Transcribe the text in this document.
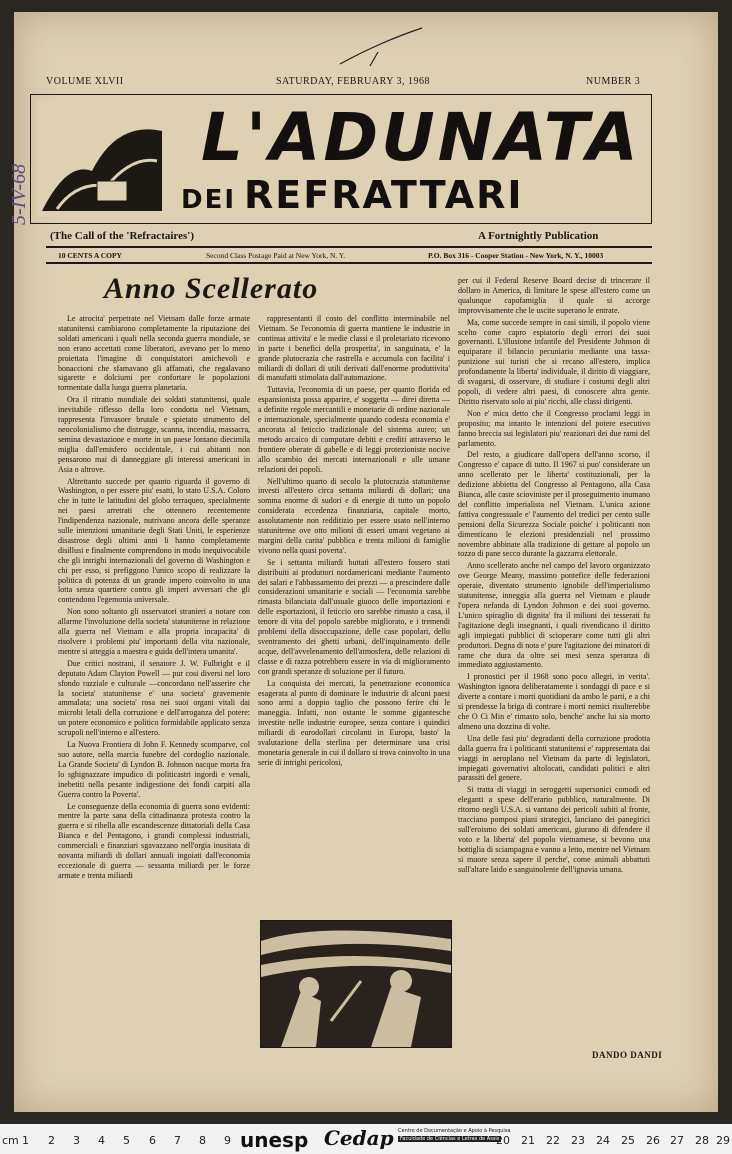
5-IV-68
VOLUME XLVII	SATURDAY, FEBRUARY 3, 1968	NUMBER 3
L'ADUNATA
DEI REFRATTARI
(The Call of the 'Refractaires')	A Fortnightly Publication
10 CENTS A COPY	Second Class Postage Paid at New York, N. Y.	P.O. Box 316 - Cooper Station - New York, N. Y., 10003
Anno Scellerato

Le atrocita' perpetrate nel Vietnam dalle forze armate statunitensi cambiarono completamente la riputazione dei soldati americani i quali nella seconda guerra mondiale, se non erano accettati come liberatori, avevano per lo meno proiettata l'imagine di conquistatori amichevoli e bonaccioni che sfamavano gli affamati, che regalavano sigarette e dolciumi per confortare le popolazioni tormentate dalla lunga guerra planetaria.

Ora il ritratto mondiale dei soldati statunitensi, quale inevitabile riflesso della loro condotta nel Vietnam, rappresenta l'invasore brutale e spietato strumento del neocolonialismo che distrugge, scanna, incendia, massacra, semina devastazione e morte in un paese lontano diecimila miglia dall'emisfero occidentale, i cui abitanti non pensarono mai di danneggiare gli interessi americani in Asia o altrove.

Altrettanto succede per quanto riguarda il governo di Washington, o per essere piu' esatti, lo stato U.S.A. Coloro che in tutte le latitudini del globo terraqueo, specialmente nei paesi arretrati che ottennero recentemente l'indipendenza nazionale, nutrivano ancora delle speranze sulle intenzioni umanitarie degli Stati Uniti, le esperienze disastrose degli ultimi anni li hanno completamente disillusi e finalmente comprendono in modo inequivocabile che gli intrighi internazionali del governo di Washington e chi per esso, si prefiggono l'unico scopo di realizzare la politica di potenza di un grande impero coinvolto in una lotta senza quartiere contro gli imperi avversari che gli contendono l'egemonia universale.

Non sono soltanto gli osservatori stranieri a notare con allarme l'involuzione della societa' statunitense in relazione alla guerra nel Vietnam e alla propria incapacita' di risolvere i problemi piu' importanti della vita nazionale, mentre si atteggia a maestra e guida dell'intera umanita'.

Due critici nostrani, il senatore J. W. Fulbright e il deputato Adam Clayton Powell — pur cosi diversi nel loro sfondo razziale e culturale —concordano nell'asserire che la societa' statunitense e' una societa' gravemente ammalata; una societa' rosa nei suoi organi vitali dai microbi letali della corruzione e dell'arroganza del potere: un potere economico e politico formidabile applicato senza scrupoli nell'interno e all'estero.

La Nuova Frontiera di John F. Kennedy scomparve, col suo autore, nella marcia funebre del cordoglio nazionale. La Grande Societa' di Lyndon B. Johnson nacque morta fra lo sghignazzare impudico di politicastri ingordi e venali, inebetiti nella pesante indigestione dei fondi carpiti alla Guerra contro la Poverta'.

Le conseguenze della economia di guerra sono evidenti: mentre la parte sana della cittadinanza protesta contro la guerra e si ribella alle escandescenze dittatoriali della Casa Bianca e del Pentagono, i grandi complessi industriali, commerciali e finanziari sgavazzano nell'orgia inusitata di novanta miliardi di dollari annuali ingoiati dall'economia eccezionale di guerra — sessanta miliardi per le forze armate e trenta miliardi

rappresentanti il costo del conflitto interminabile nel Vietnam. Se l'economia di guerra mantiene le industrie in continua attivita' e le medie classi e il proletariato ricevono in parte i benefici della prosperita', in sanguinata, e' la grande plutocrazia che rastrella e accumula con facilita' i miliardi di dollari di utili derivati dall'enorme produttivita' di manufatti stimolata dall'automazione.

Tuttavia, l'economia di un paese, per quanto florida ed espansionista possa apparire, e' soggetta — direi diretta — a definite regole mercantili e monetarie di ordine nazionale e internazionale, specialmente quando codesta economia e' ancorata al feticcio tradizionale del sistema aureo; un metodo arcaico di computare debiti e crediti attraverso le frontiere oberate di gabelle e di leggi protezioniste nocive allo scambio dei mercati internazionali e alle umane relazioni dei popoli.

Nell'ultimo quarto di secolo la plutocrazia statunitense investi all'estero circa settanta miliardi di dollari; una somma enorme di sudori e di energie di tutto un popolo considerata eccedenza finanziaria, capitale morto, assolutamente non redditizio per essere usato nell'interno statunitense ove otto milioni di esseri umani vegetano ai margini della carita' pubblica e trenta milioni di famiglie vivono nella quasi poverta'.

Se i settanta miliardi buttati all'estero fossero stati distribuiti ai produttori nordamericani mediante l'aumento dei salari e l'abbassamento dei prezzi — a prescindere dalle considerazioni umanitarie e sociali — l'economia sarebbe rimasta bilanciata dall'usuale giuoco delle importazioni e delle esportazioni, il feticcio oro sarebbe rimasto a casa, il tenore di vita del popolo sarebbe migliorato, e i tremendi problemi della disoccupazione, delle case popolari, dello sventramento dei ghetti urbani, dell'inquinamento delle acque, dell'avvelenamento dell'atmosfera, delle relazioni di classe e di razza potrebbero essere in via di miglioramento con grandi speranze di soluzione per il futuro.

La conquista dei mercati, la penetrazione economica esagerata al punto di dominare le industrie di alcuni paesi sono armi a doppio taglio che possono ferire chi le maneggia. Infatti, non ostante le somme gigantesche investite nelle industrie europee, senza contare i quindici miliardi di eurodollari circolanti in Europa, basto' la svalutazione della sterlina per determinare una crisi monetaria generale in cui il dollaro si trova coinvolto in una serie di intrighi pericolosi,

per cui il Federal Reserve Board decise di trincerare il dollaro in America, di limitare le spese all'estero come un qualunque capofamiglia il quale si accorge improvvisamente che le uscite superano le entrate.

Ma, come succede sempre in casi simili, il popolo viene scelto come capro espiatorio degli errori dei suoi governanti. L'illusione infantile del Presidente Johnson di equiparare il bilancio pecuniario mediante una tassa-punizione sui turisti che si recano all'estero, implica profondamente la liberta' individuale, il diritto di viaggiare, di svagarsi, di osservare, di studiare i costumi degli altri popoli, di vedere altri paesi, di conoscere altra gente. Diritto riservato solo ai piu' ricchi, alle classi dirigenti.

Non e' mica detto che il Congresso proclami leggi in proposito; ma intanto le intenzioni del potere esecutivo fanno breccia sui legislatori piu' reazionari dei due rami del parlamento.

Del resto, a giudicare dall'opera dell'anno scorso, il Congresso e' capace di tutto. Il 1967 si puo' considerare un anno scellerato per le liberta' costituzionali, per la dedizione abbietta del Congresso al Pentagono, alla Casa Bianca, alle caste sciovinistе per il proseguimento inumano del conflitto imperialista nel Vietnam. L'unica azione fattiva congressuale e' l'aumento del tredici per cento sulle pensioni della Sicurezza Sociale poiche' i politicanti non dimenticano le elezioni presidenziali nel prossimo novembre abbinate alla tradizione di gettare al popolo un tozzo di pane secco durante la gazzarra elettorale.

Anno scellerato anche nel campo del lavoro organizzato ove George Meany, massimo pontefice delle federazioni operaie, diventato strumento ignobile dell'imperialismo statunitense, inneggia alla guerra nel Vietnam e plaude l'opera nefanda di Lyndon Johnson e dei suoi governo. L'unico spiraglio di dignita' fra il milioni dei tesserati fu l'agitazione degli insegnanti, i quali rivendicano il diritto agli impiegati pubblici di scioperare come tutti gli altri produttori. Degna di nota e' pure l'agitazione dei minatori di rame che dura da oltre sei mesi senza speranza di immediato aggiustamento.

I pronostici per il 1968 sono poco allegri, in verita'. Washington ignora deliberatamente i sondaggi di pace e si diverte a contare i morti quotidiani da ambo le parti, e a chi si prendesse la briga di contrare i morti nemici risulterebbe che O Ci Min e' rimasto solo, benche' anche lui sia morto almeno una dozzina di volte.

Una delle fasi piu' degradanti della corruzione prodotta dalla guerra fra i politicanti statunitensi e' rappresentata dai viaggi in aeroplano nel Vietnam da parte di legislatori, impiegati governativi altolocati, candidati politici e altri parassiti del genere.

Si tratta di viaggi in seroggetti supersonici comodi ed eleganti a spese dell'erario pubblico, naturalmente. Di ritorno negli U.S.A. si vantano dei pericoli subiti al fronte, tracciano pomposi piani strategici, lanciano dei panegirici sull'eroismo dei soldati americani, giurano di difendere il voto e la liberta' del popolo vietnamese, si bevono una bottiglia di sciampagna e vanno a letto, mentre nel Vietnam si muore senza sapere il perche', come animali abbattuti sull'altare laido e sanguinolente dell'ignavia umana.

DANDO DANDI
cm 1 2 3 4 5 6 7 8 9 unesp Cedap Centro de Documentação e Apoio à Pesquisa
Faculdade de Ciências e Letras de Assis
20 21 22 23 24 25 26 27 28 29
